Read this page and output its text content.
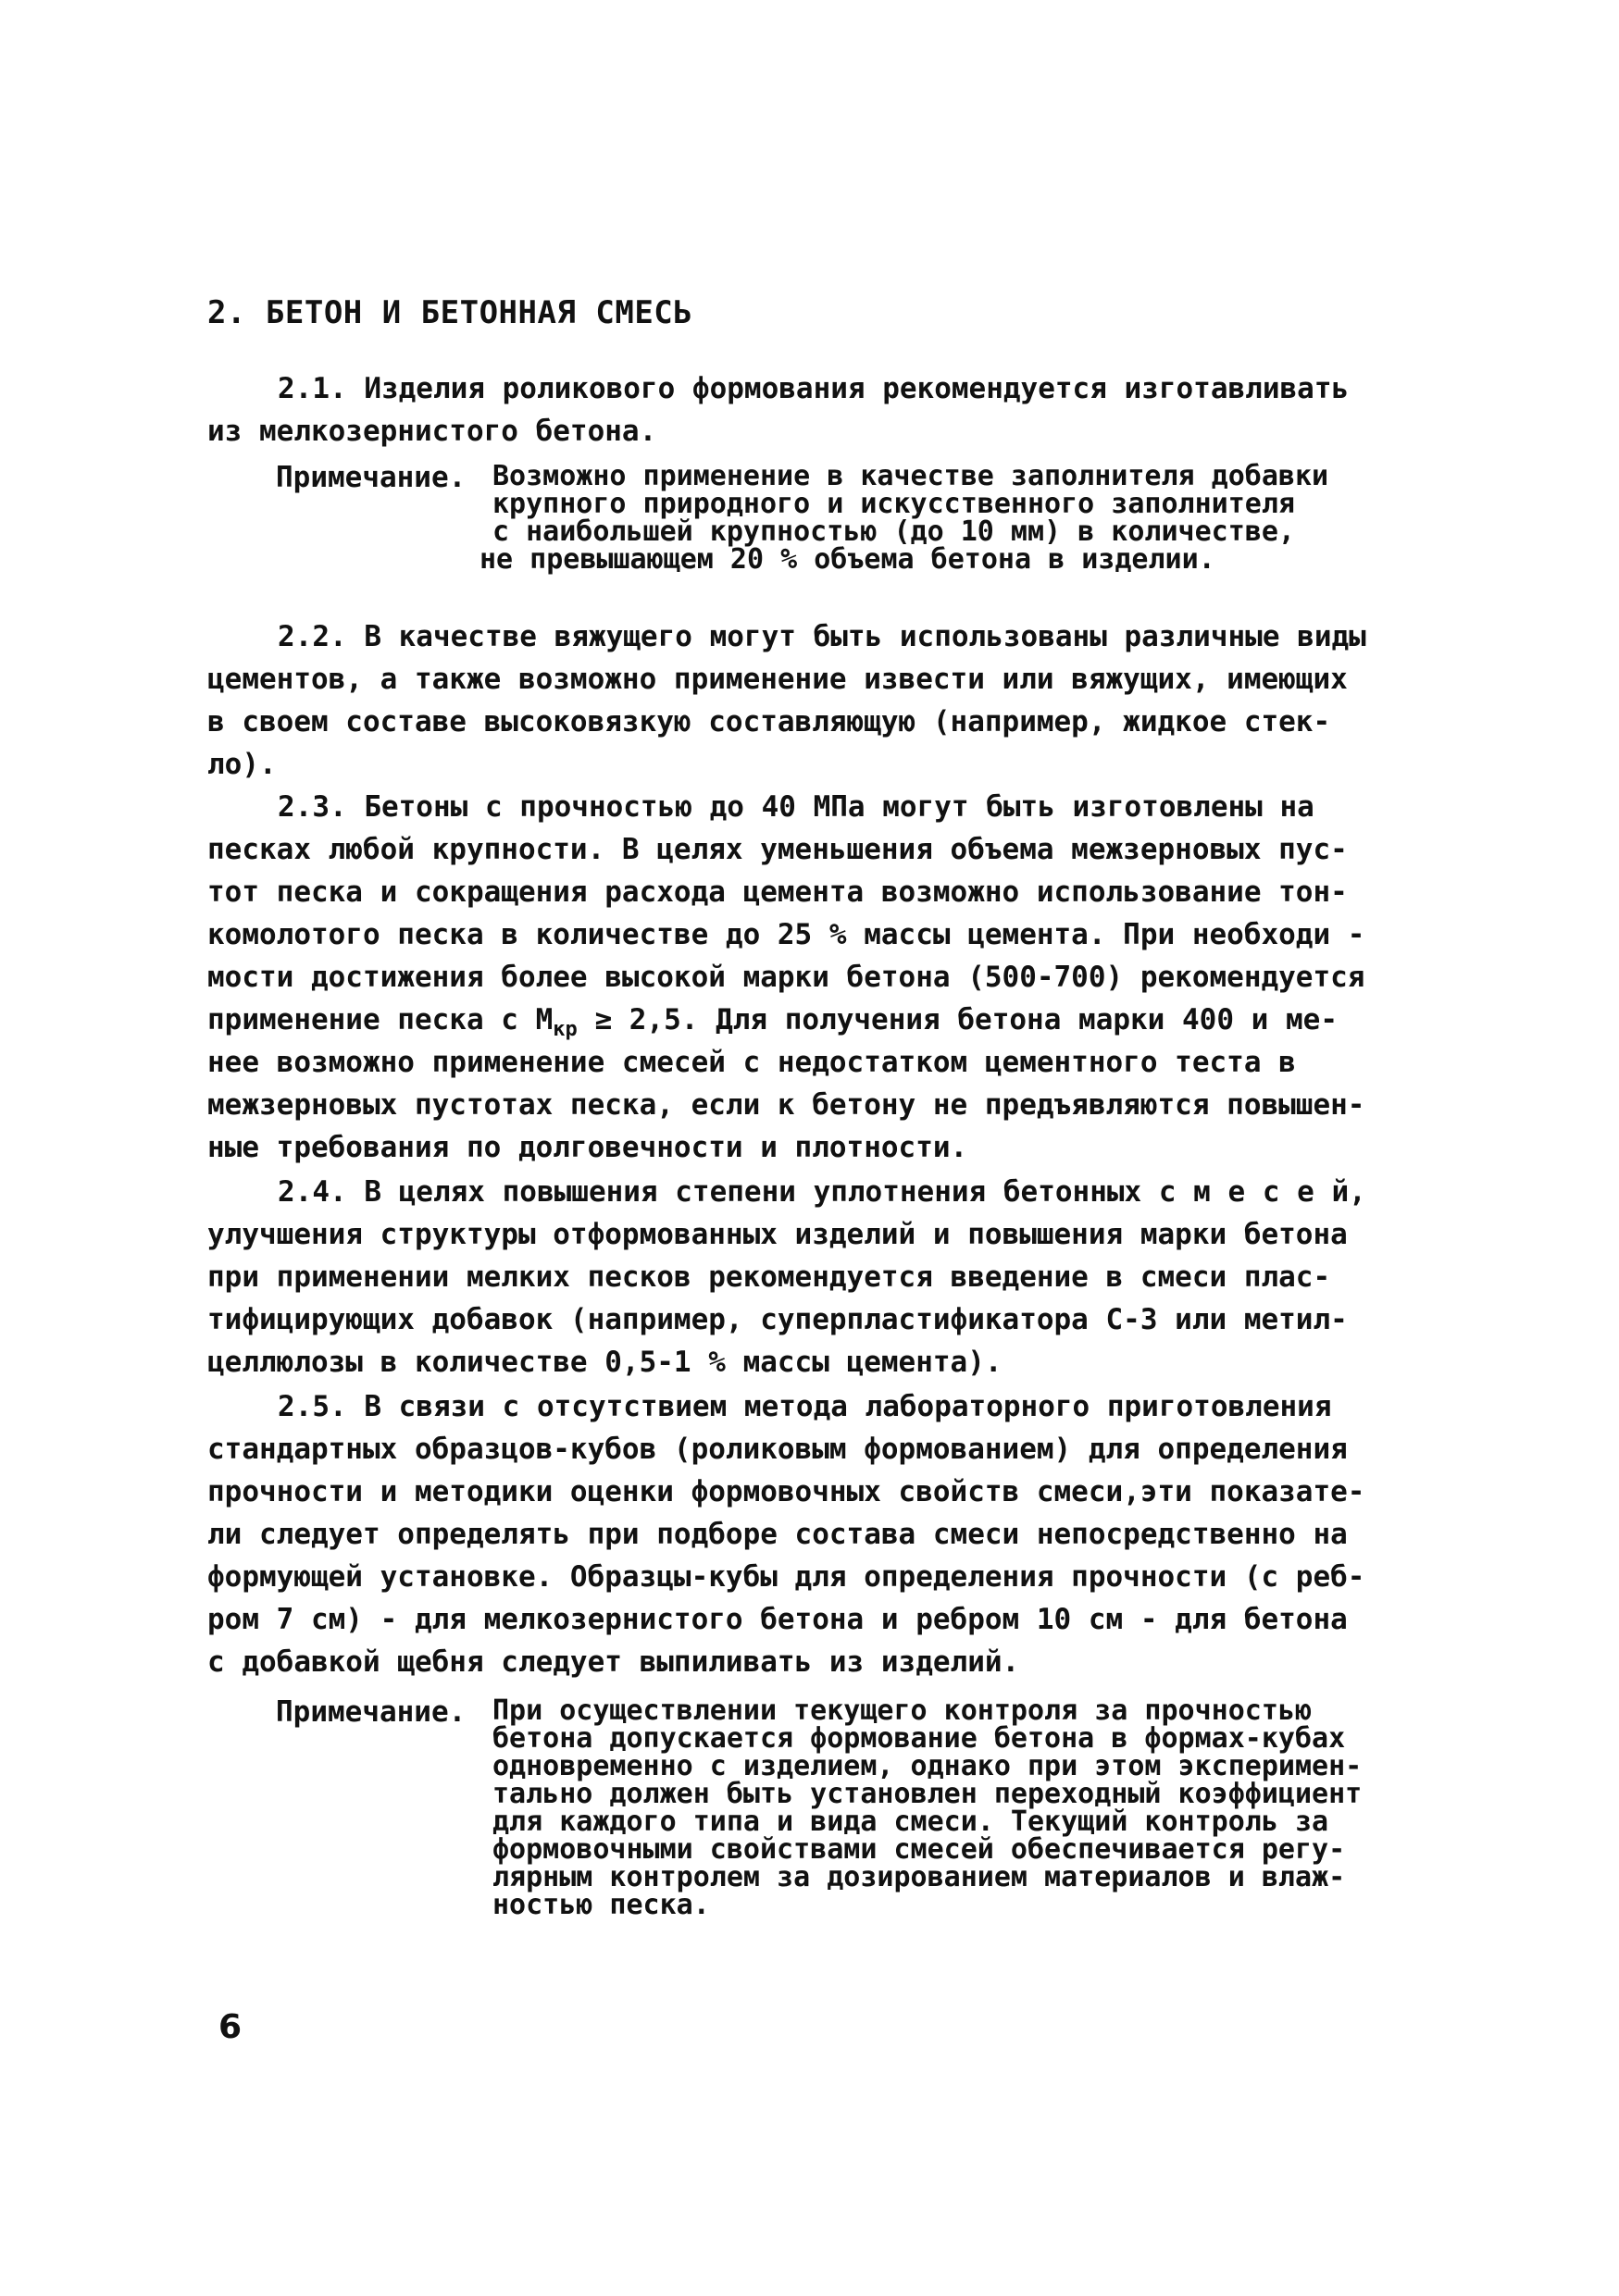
2. БЕТОН И БЕТОННАЯ СМЕСЬ
2.1. Изделия роликового формования рекомендуется изготавливать
из мелкозернистого бетона.
Примечание. Возможно применение в качестве заполнителя добавки
крупного природного и искусственного заполнителя
с наибольшей крупностью (до 10 мм) в количестве,
не превышающем 20 % объема бетона в изделии.
2.2. В качестве вяжущего могут быть использованы различные виды
цементов, а также возможно применение извести или вяжущих, имеющих
в своем составе высоковязкую составляющую (например, жидкое стек-
ло).
2.3. Бетоны с прочностью до 40 МПа могут быть изготовлены на
песках любой крупности. В целях уменьшения объема межзерновых пус-
тот песка и сокращения расхода цемента возможно использование тон-
комолотого песка в количестве до 25 % массы цемента. При необходи -
мости достижения более высокой марки бетона (500-700) рекомендуется
применение песка с $М_{кр} \ge 2,5$. Для получения бетона марки 400 и ме-
нее возможно применение смесей с недостатком цементного теста в
межзерновых пустотах песка, если к бетону не предъявляются повышен-
ные требования по долговечности и плотности.
2.4. В целях повышения степени уплотнения бетонных с м е с е й,
улучшения структуры отформованных изделий и повышения марки бетона
при применении мелких песков рекомендуется введение в смеси плас-
тифицирующих добавок (например, суперпластификатора С-3 или метил-
целлюлозы в количестве 0,5-1 % массы цемента).
2.5. В связи с отсутствием метода лабораторного приготовления
стандартных образцов-кубов (роликовым формованием) для определения
прочности и методики оценки формовочных свойств смеси,эти показате-
ли следует определять при подборе состава смеси непосредственно на
формующей установке. Образцы-кубы для определения прочности (с реб-
ром 7 см) - для мелкозернистого бетона и ребром 10 см - для бетона
с добавкой щебня следует выпиливать из изделий.
Примечание. При осуществлении текущего контроля за прочностью
бетона допускается формование бетона в формах-кубах
одновременно с изделием, однако при этом эксперимен-
тально должен быть установлен переходный коэффициент
для каждого типа и вида смеси. Текущий контроль за
формовочными свойствами смесей обеспечивается регу-
лярным контролем за дозированием материалов и влаж-
ностью песка.
6
